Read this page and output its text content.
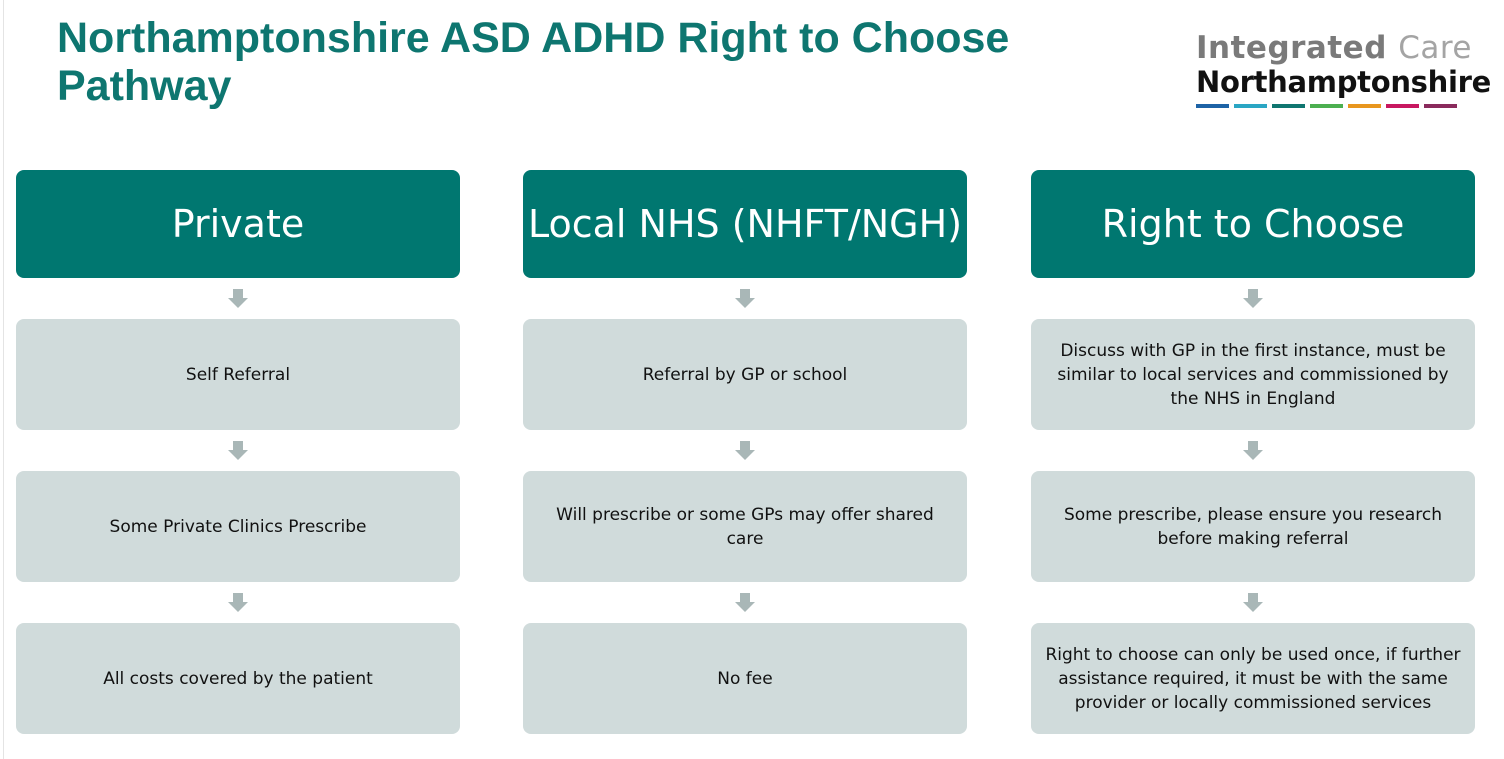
Northamptonshire ASD ADHD Right to Choose Pathway
Integrated Care
Northamptonshire
Private
Self Referral
Some Private Clinics Prescribe
All costs covered by the patient
Local NHS (NHFT/NGH)
Referral by GP or school
Will prescribe or some GPs may offer shared care
No fee
Right to Choose
Discuss with GP in the first instance, must be similar to local services and commissioned by the NHS in England
Some prescribe, please ensure you research before making referral
Right to choose can only be used once, if further assistance required, it must be with the same provider or locally commissioned services
